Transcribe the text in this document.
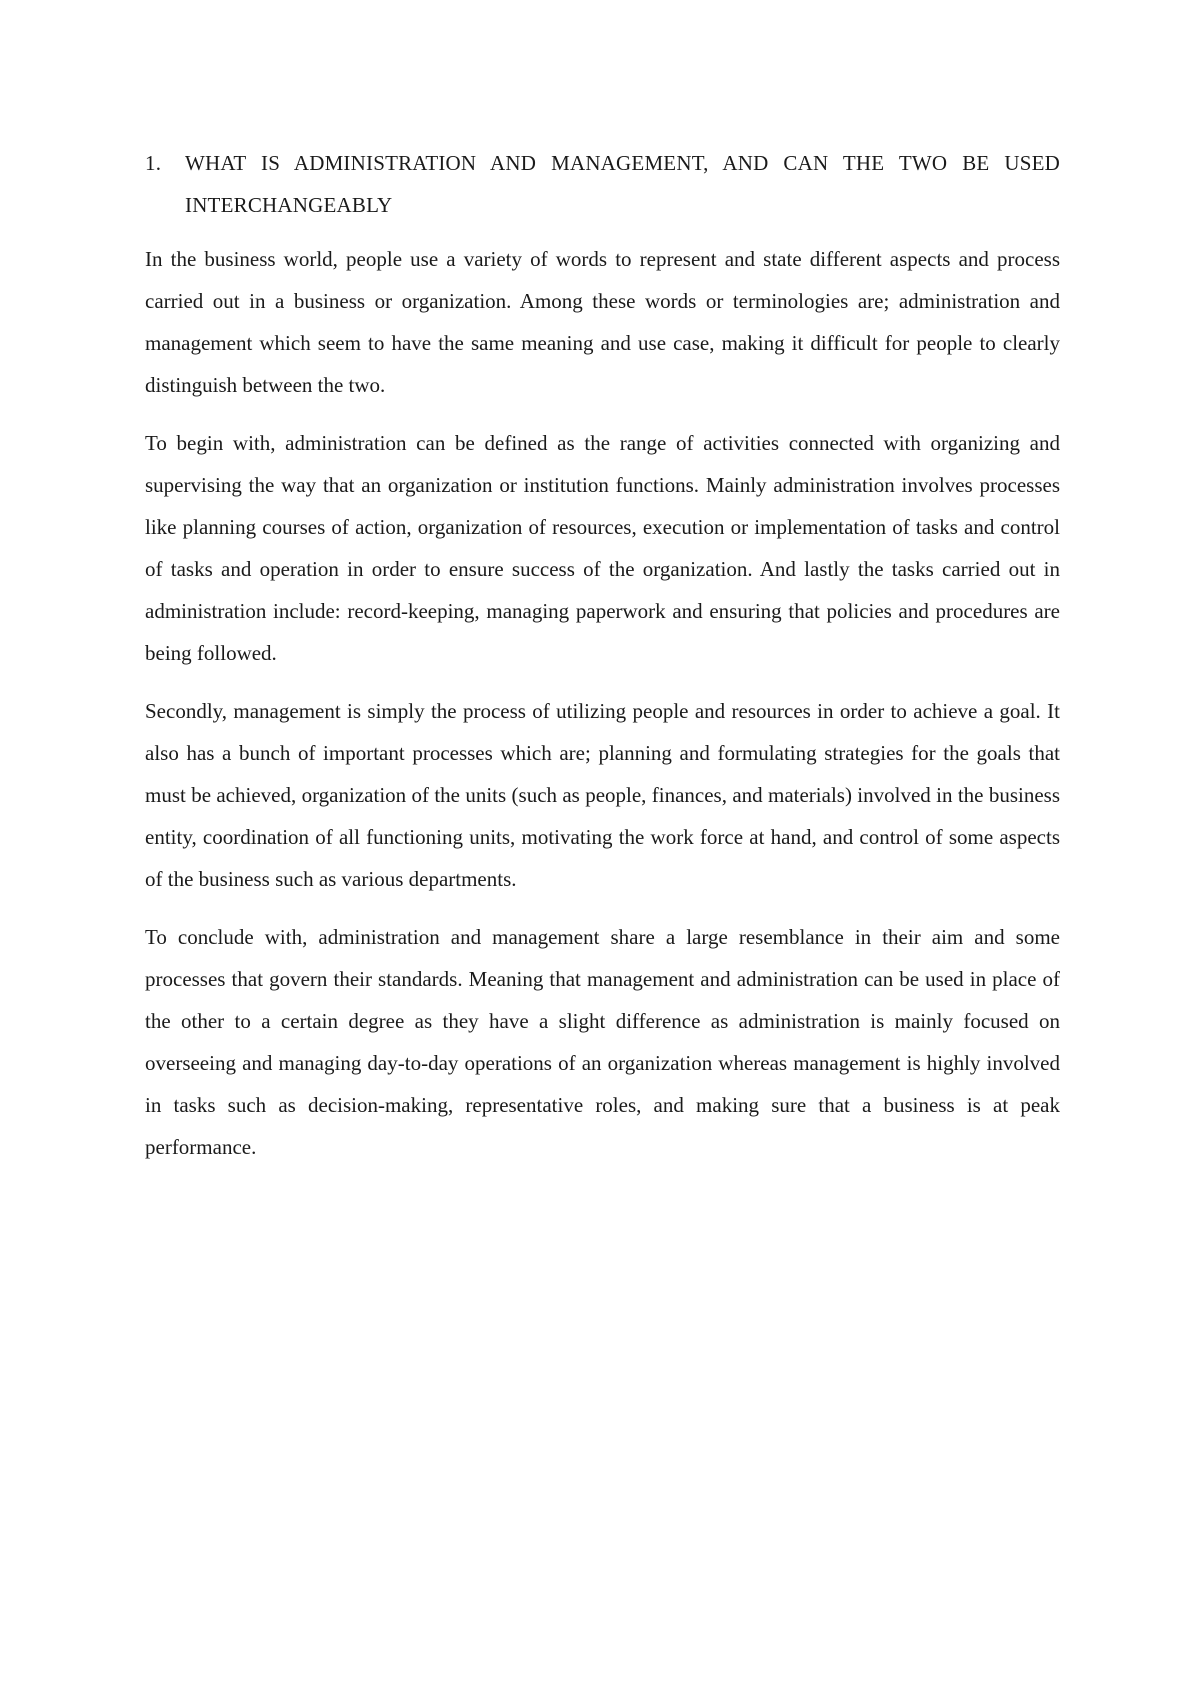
1.	WHAT IS ADMINISTRATION AND MANAGEMENT, AND CAN THE TWO BE USED INTERCHANGEABLY

In the business world, people use a variety of words to represent and state different aspects and process carried out in a business or organization. Among these words or terminologies are; administration and management which seem to have the same meaning and use case, making it difficult for people to clearly distinguish between the two.

To begin with, administration can be defined as the range of activities connected with organizing and supervising the way that an organization or institution functions. Mainly administration involves processes like planning courses of action, organization of resources, execution or implementation of tasks and control of tasks and operation in order to ensure success of the organization. And lastly the tasks carried out in administration include: record-keeping, managing paperwork and ensuring that policies and procedures are being followed.

Secondly, management is simply the process of utilizing people and resources in order to achieve a goal. It also has a bunch of important processes which are; planning and formulating strategies for the goals that must be achieved, organization of the units (such as people, finances, and materials) involved in the business entity, coordination of all functioning units, motivating the work force at hand, and control of some aspects of the business such as various departments.

To conclude with, administration and management share a large resemblance in their aim and some processes that govern their standards. Meaning that management and administration can be used in place of the other to a certain degree as they have a slight difference as administration is mainly focused on overseeing and managing day-to-day operations of an organization whereas management is highly involved in tasks such as decision-making, representative roles, and making sure that a business is at peak performance.
